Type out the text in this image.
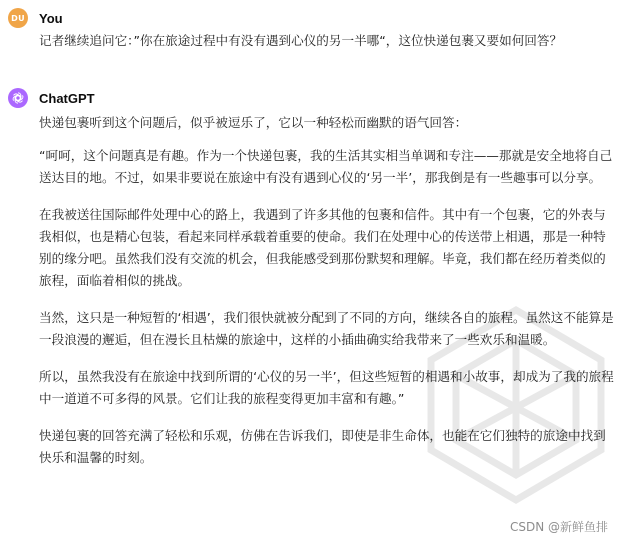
DU You
记者继续追问它：”你在旅途过程中有没有遇到心仪的另一半哪“，这位快递包裹又要如何回答？
ChatGPT

快递包裹听到这个问题后，似乎被逗乐了，它以一种轻松而幽默的语气回答：

“呵呵，这个问题真是有趣。作为一个快递包裹，我的生活其实相当单调和专注——那就是安全地将自己送达目的地。不过，如果非要说在旅途中有没有遇到心仪的‘另一半’，那我倒是有一些趣事可以分享。

在我被送往国际邮件处理中心的路上，我遇到了许多其他的包裹和信件。其中有一个包裹，它的外表与我相似，也是精心包装，看起来同样承载着重要的使命。我们在处理中心的传送带上相遇，那是一种特别的缘分吧。虽然我们没有交流的机会，但我能感受到那份默契和理解。毕竟，我们都在经历着类似的旅程，面临着相似的挑战。

当然，这只是一种短暂的‘相遇’，我们很快就被分配到了不同的方向，继续各自的旅程。虽然这不能算是一段浪漫的邂逅，但在漫长且枯燥的旅途中，这样的小插曲确实给我带来了一些欢乐和温暖。

所以，虽然我没有在旅途中找到所谓的‘心仪的另一半’，但这些短暂的相遇和小故事，却成为了我的旅程中一道道不可多得的风景。它们让我的旅程变得更加丰富和有趣。”

快递包裹的回答充满了轻松和乐观，仿佛在告诉我们，即使是非生命体，也能在它们独特的旅途中找到快乐和温馨的时刻。

CSDN @新鲜鱼排
